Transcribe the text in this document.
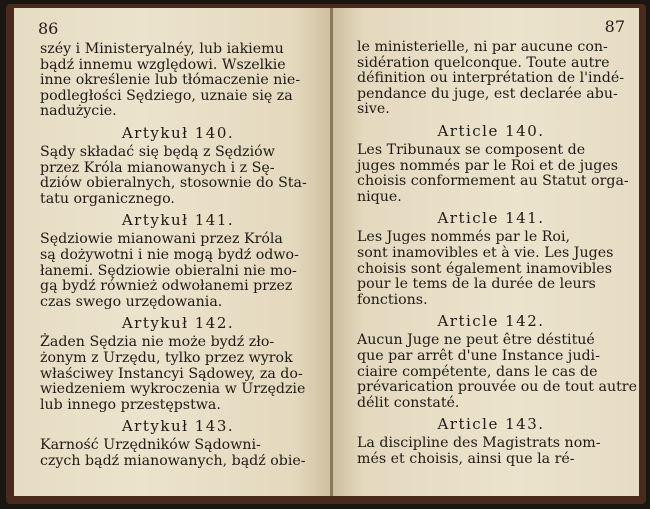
86
széy i Ministeryalnéy, lub iakiemu
bądź innemu względowi. Wszelkie
inne określenie lub tłómaczenie nie-
podległości Sędziego, uznaie się za
nadużycie.
Artykuł 140.
Sądy składać się będą z Sędziów
przez Króla mianowanych i z Sę-
dziów obieralnych, stosownie do Sta-
tatu organicznego.
Artykuł 141.
Sędziowie mianowani przez Króla
są dożywotni i nie mogą bydź odwo-
łanemi. Sędziowie obieralni nie mo-
gą bydź również odwołanemi przez
czas swego urzędowania.
Artykuł 142.
Żaden Sędzia nie może bydź zło-
żonym z Urzędu, tylko przez wyrok
właściwey Instancyi Sądowey, za do-
wiedzeniem wykroczenia w Urzędzie
lub innego przestępstwa.
Artykuł 143.
Karność Urzędników Sądowni-
czych bądź mianowanych, bądź obie-
87
le ministerielle, ni par aucune con-
sidération quelconque. Toute autre
définition ou interprétation de l'indé-
pendance du juge, est declarée abu-
sive.
Article 140.
Les Tribunaux se composent de
juges nommés par le Roi et de juges
choisis conformement au Statut orga-
nique.
Article 141.
Les Juges nommés par le Roi,
sont inamovibles et à vie. Les Juges
choisis sont également inamovibles
pour le tems de la durée de leurs
fonctions.
Article 142.
Aucun Juge ne peut être déstitué
que par arrêt d'une Instance judi-
ciaire compétente, dans le cas de
prévarication prouvée ou de tout autre
délit constaté.
Article 143.
La discipline des Magistrats nom-
més et choisis, ainsi que la ré-
